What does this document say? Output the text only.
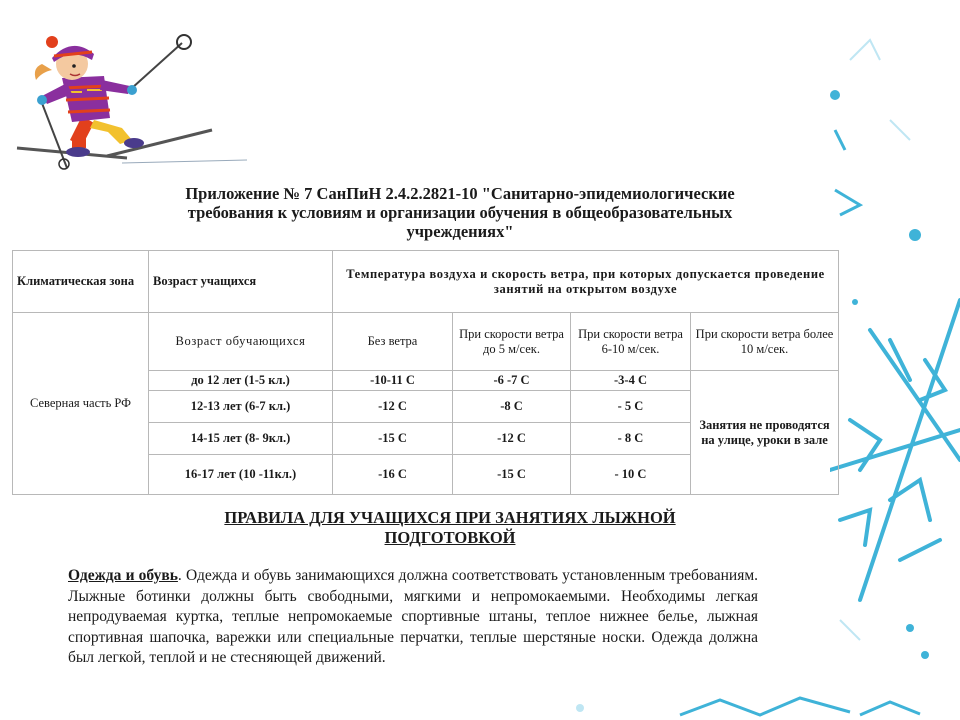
Приложение № 7 СанПиН 2.4.2.2821-10 "Санитарно-эпидемиологические
требования к условиям и организации обучения в общеобразовательных
учреждениях"
Климатическая зона	Возраст учащихся	Температура воздуха и скорость ветра, при которых допускается проведение занятий на открытом воздухе			
Северная часть РФ	Возраст обучающихся	Без ветра	При скорости ветра до 5 м/сек.	При скорости ветра 6-10 м/сек.	При скорости ветра более 10 м/сек.
	до 12 лет (1-5 кл.)	-10-11 С	-6 -7 С	-3-4 С	Занятия не проводятся на улице, уроки в зале
	12-13 лет (6-7 кл.)	-12 С	-8 С	- 5 С	
	14-15 лет (8- 9кл.)	-15 С	-12 С	- 8 С	
	16-17 лет (10 -11кл.)	-16 С	-15 С	- 10 С	
ПРАВИЛА ДЛЯ УЧАЩИХСЯ ПРИ ЗАНЯТИЯХ ЛЫЖНОЙ
ПОДГОТОВКОЙ

Одежда и обувь. Одежда и обувь занимающихся должна соответствовать установленным требованиям. Лыжные ботинки должны быть свободными, мягкими и непромокаемыми. Необходимы легкая непродуваемая куртка, теплые непромокаемые спортивные штаны, теплое нижнее белье, лыжная спортивная шапочка, варежки или специальные перчатки, теплые шерстяные носки. Одежда должна был легкой, теплой и не стесняющей движений.
